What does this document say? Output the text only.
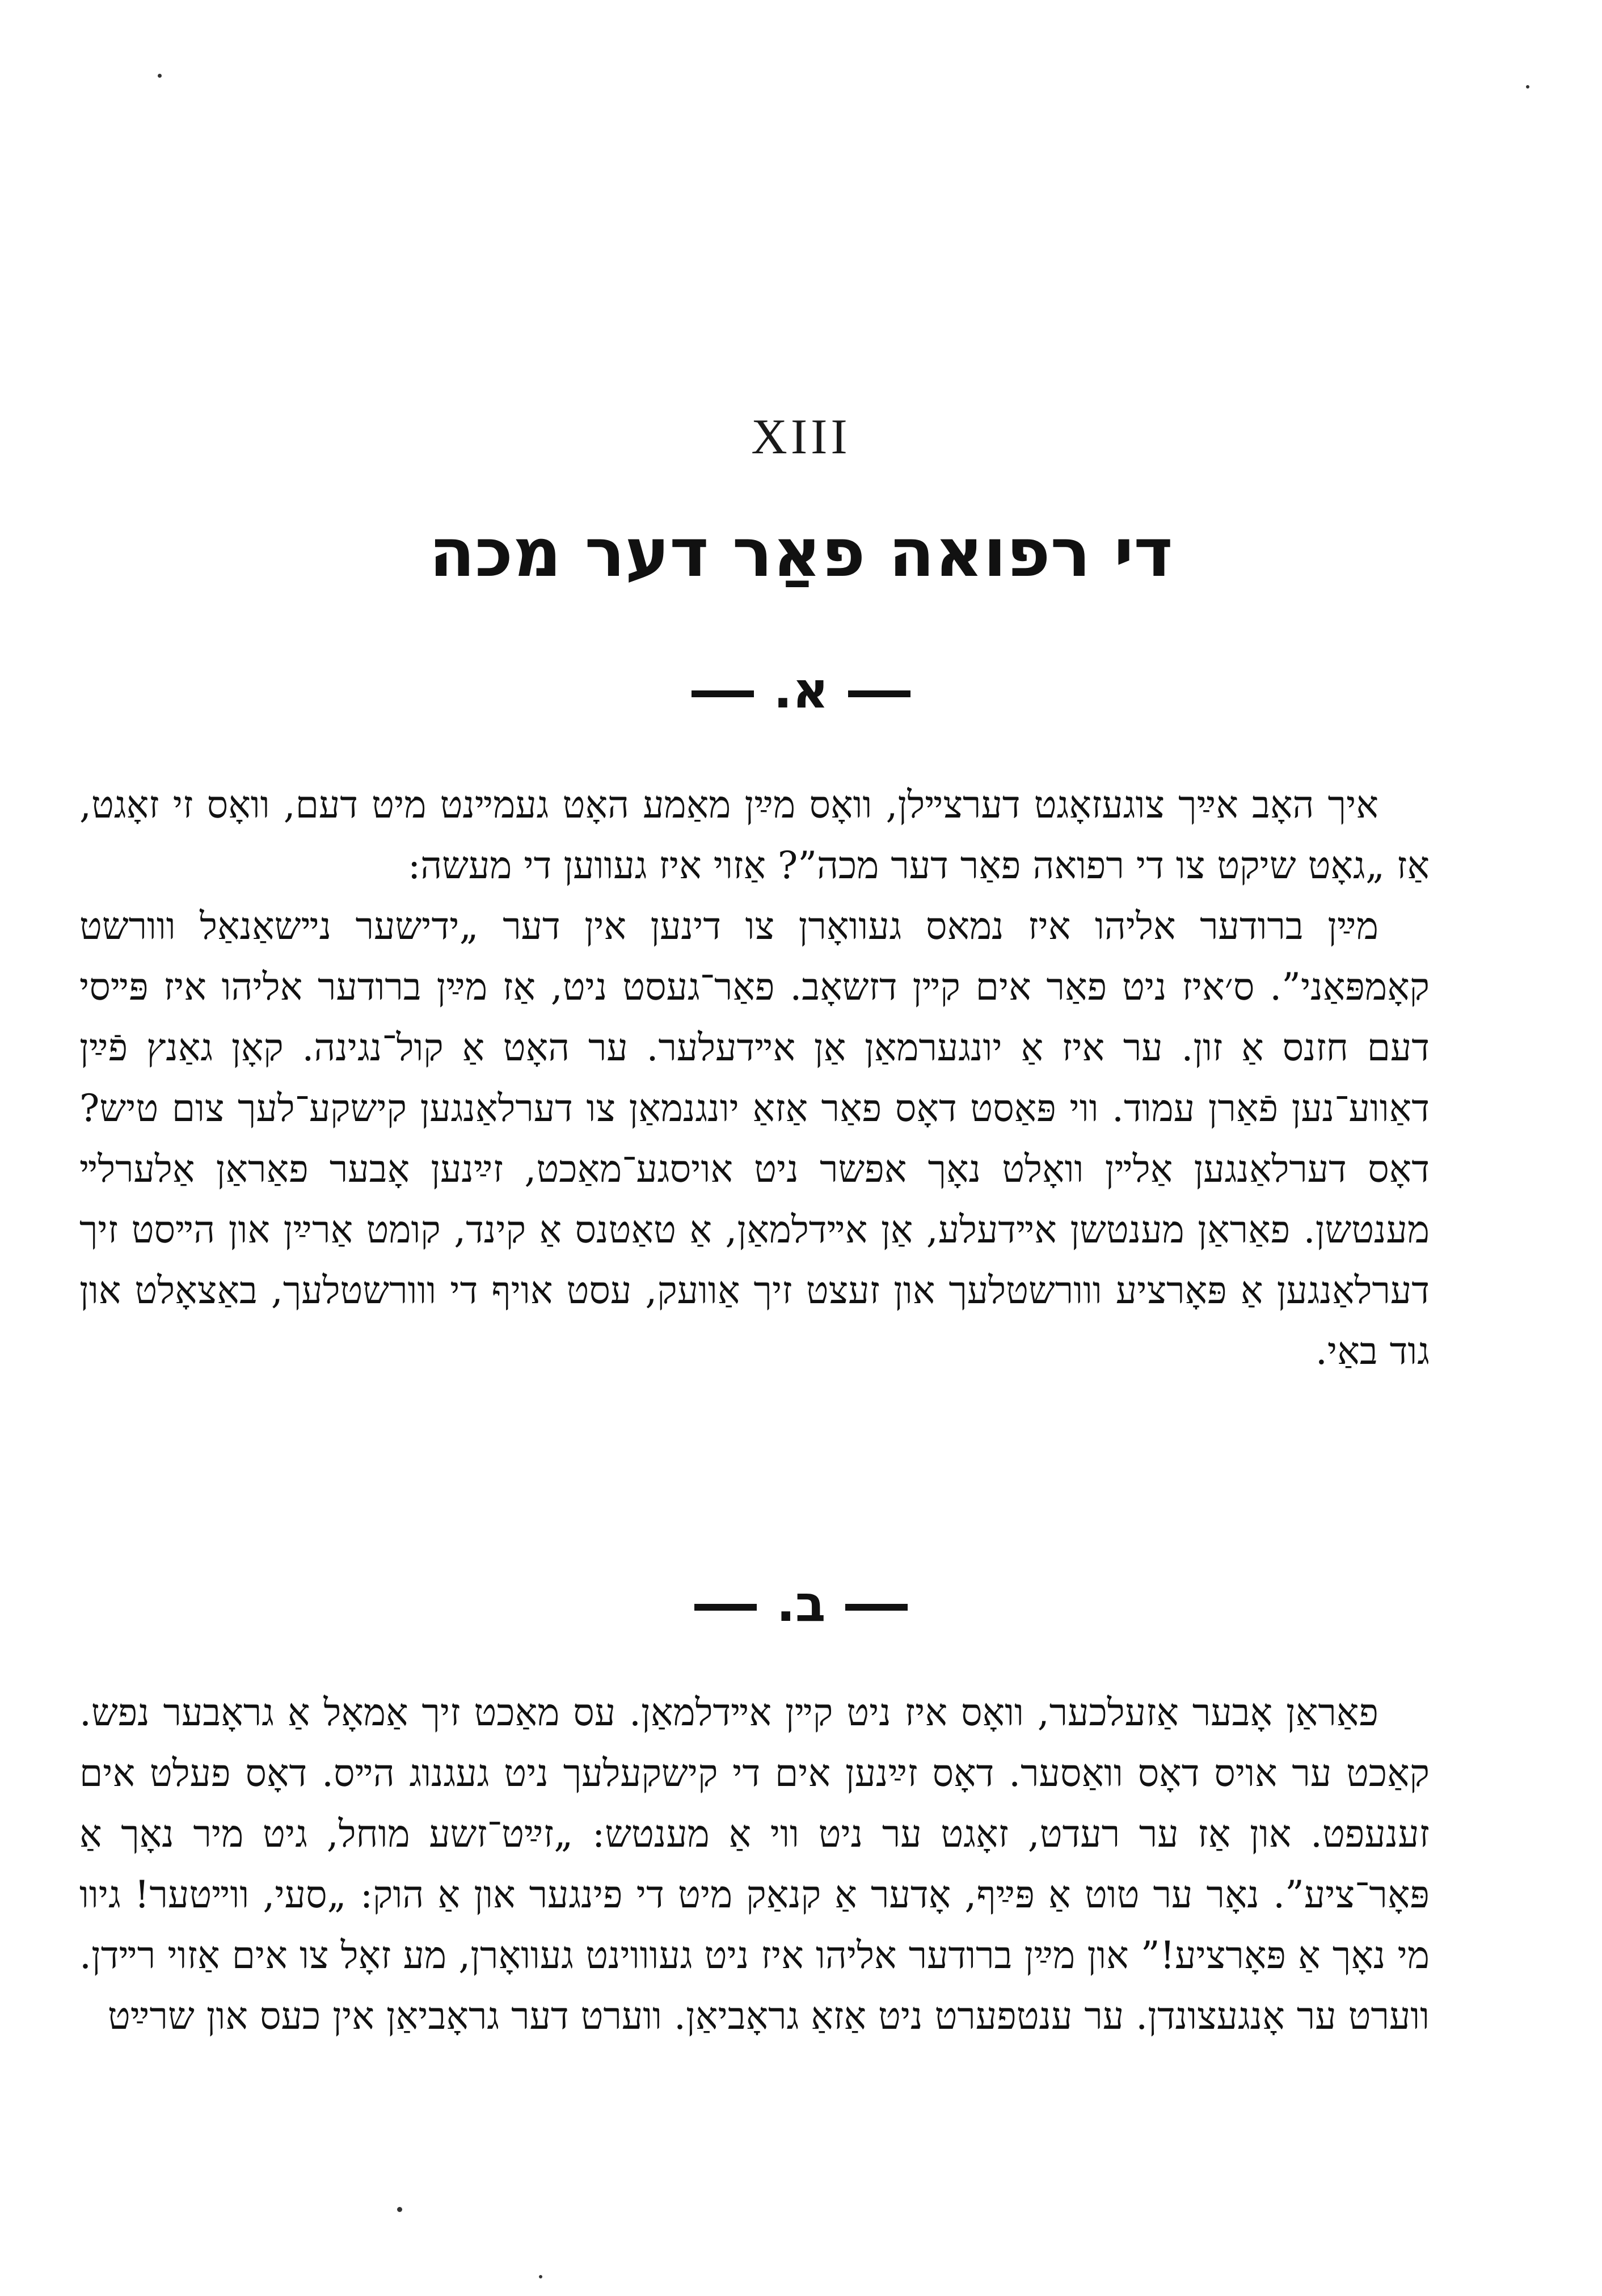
XIII
די רפואה פאַר דער מכה
א.

איך האָב אײַך צוגעזאָגט דערצײלן, וואָס מײַן מאַמע האָט געמײנט מיט דעם, וואָס זי זאָגט, אַז „גאָט שיקט צו די רפואה פאַר דער מכה”? אַזוי איז געווען די מעשה:

מײַן ברודער אליהו איז נמאס געוואָרן צו דינען אין דער „ידישער נײשאַנאַל ווורשט קאָמפּאַני”. ס׳איז ניט פאַר אים קײן דזשאָב. פאַר־געסט ניט, אַז מײַן ברודער אליהו איז פּײסי דעם חזנס אַ זון. ער איז אַ יונגערמאַן אַן אײדעלער. ער האָט אַ קול־נגינה. קאָן גאַנץ פֿײַן דאַווע־נען פֿאַרן עמוד. ווי פּאַסט דאָס פאַר אַזאַ יונגנמאַן צו דערלאַנגען קישקע־לעך צום טיש? דאָס דערלאַנגען אַלײן וואָלט נאָך אפשר ניט אויסגע־מאַכט, זײַנען אָבער פאַראַן אַלערלײ מענטשן. פאַראַן מענטשן אײדעלע, אַן אײדלמאַן, אַ טאַטנס אַ קינד, קומט אַרײַן און הײסט זיך דערלאַנגען אַ פּאָרציע ווורשטלעך און זעצט זיך אַוועק, עסט אויף די ווורשטלעך, באַצאָלט און גוד באַי.

ב.

פאַראַן אָבער אַזעלכער, וואָס איז ניט קײן אײדלמאַן. עס מאַכט זיך אַמאָל אַ גראָבער נפש. קאַכט ער אויס דאָס וואַסער. דאָס זײַנען אים די קישקעלעך ניט געגנוג הײס. דאָס פעלט אים זענעפט. און אַז ער רעדט, זאָגט ער ניט ווי אַ מענטש: „זײַט־זשע מוחל, גיט מיר נאָך אַ פּאָר־ציע”. נאָר ער טוט אַ פּײַף, אָדער אַ קנאַק מיט די פינגער און אַ הוק: „סעי, ווײטער! גיוו מי נאָך אַ פּאָרציע!” און מײַן ברודער אליהו איז ניט געוווינט געוואָרן, מע זאָל צו אים אַזוי רײדן. ווערט ער אָנגעצונדן. ער ענטפערט ניט אַזאַ גראָביאַן. ווערט דער גראָביאַן אין כעס און שרײַט
